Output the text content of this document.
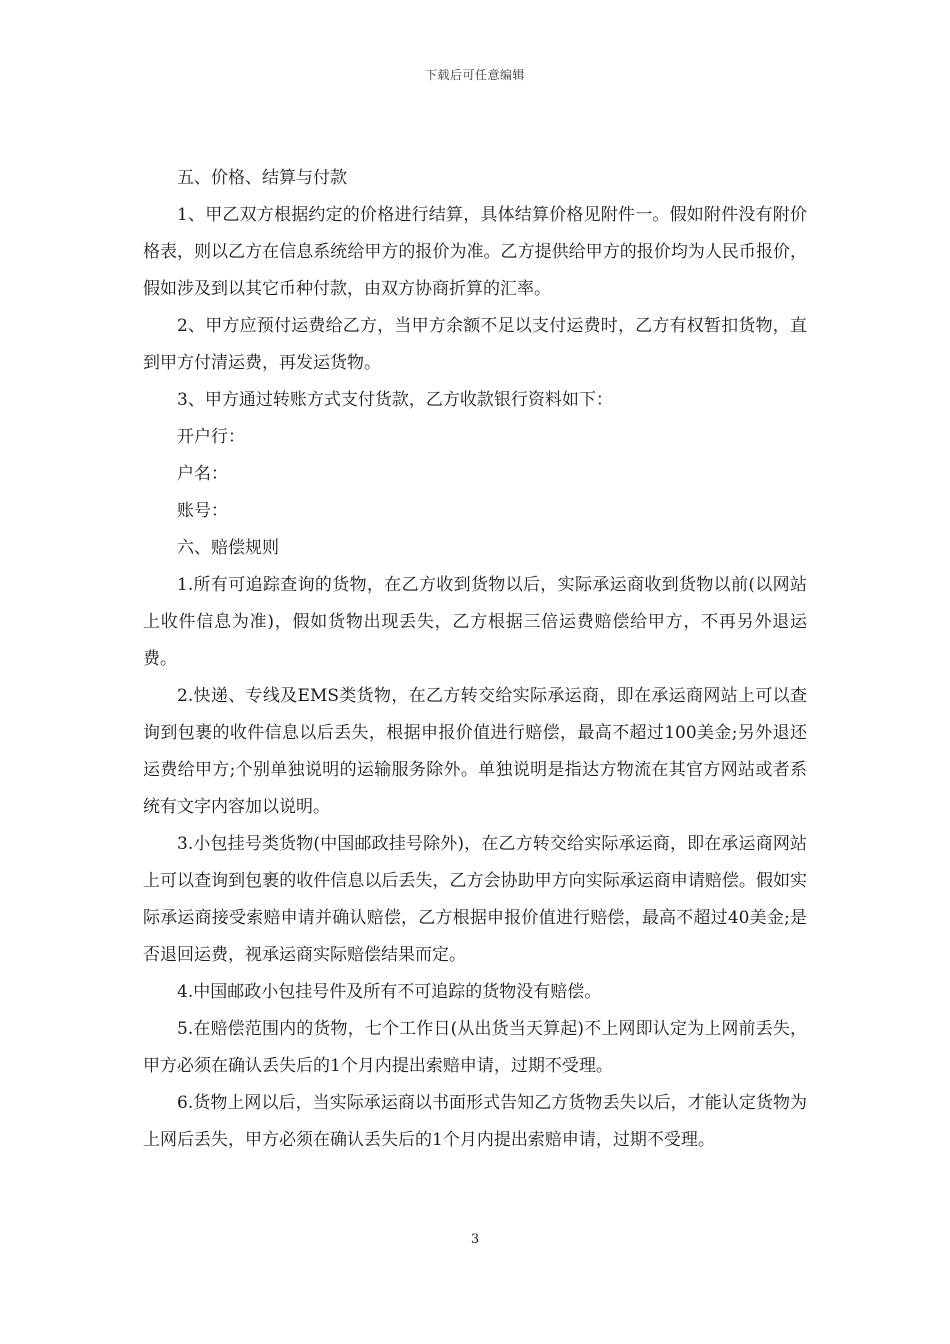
下载后可任意编辑

五、价格、结算与付款

1、甲乙双方根据约定的价格进行结算，具体结算价格见附件一。假如附件没有附价格表，则以乙方在信息系统给甲方的报价为准。乙方提供给甲方的报价均为人民币报价，假如涉及到以其它币种付款，由双方协商折算的汇率。

2、甲方应预付运费给乙方，当甲方余额不足以支付运费时，乙方有权暂扣货物，直到甲方付清运费，再发运货物。

3、甲方通过转账方式支付货款，乙方收款银行资料如下：

开户行：

户名：

账号：

六、赔偿规则

1.所有可追踪查询的货物，在乙方收到货物以后，实际承运商收到货物以前(以网站上收件信息为准)，假如货物出现丢失，乙方根据三倍运费赔偿给甲方，不再另外退运费。

2.快递、专线及EMS类货物，在乙方转交给实际承运商，即在承运商网站上可以查询到包裹的收件信息以后丢失，根据申报价值进行赔偿，最高不超过100美金;另外退还运费给甲方;个别单独说明的运输服务除外。单独说明是指达方物流在其官方网站或者系统有文字内容加以说明。

3.小包挂号类货物(中国邮政挂号除外)，在乙方转交给实际承运商，即在承运商网站上可以查询到包裹的收件信息以后丢失，乙方会协助甲方向实际承运商申请赔偿。假如实际承运商接受索赔申请并确认赔偿，乙方根据申报价值进行赔偿，最高不超过40美金;是否退回运费，视承运商实际赔偿结果而定。

4.中国邮政小包挂号件及所有不可追踪的货物没有赔偿。

5.在赔偿范围内的货物，七个工作日(从出货当天算起)不上网即认定为上网前丢失，甲方必须在确认丢失后的1个月内提出索赔申请，过期不受理。

6.货物上网以后，当实际承运商以书面形式告知乙方货物丢失以后，才能认定货物为上网后丢失，甲方必须在确认丢失后的1个月内提出索赔申请，过期不受理。

3
